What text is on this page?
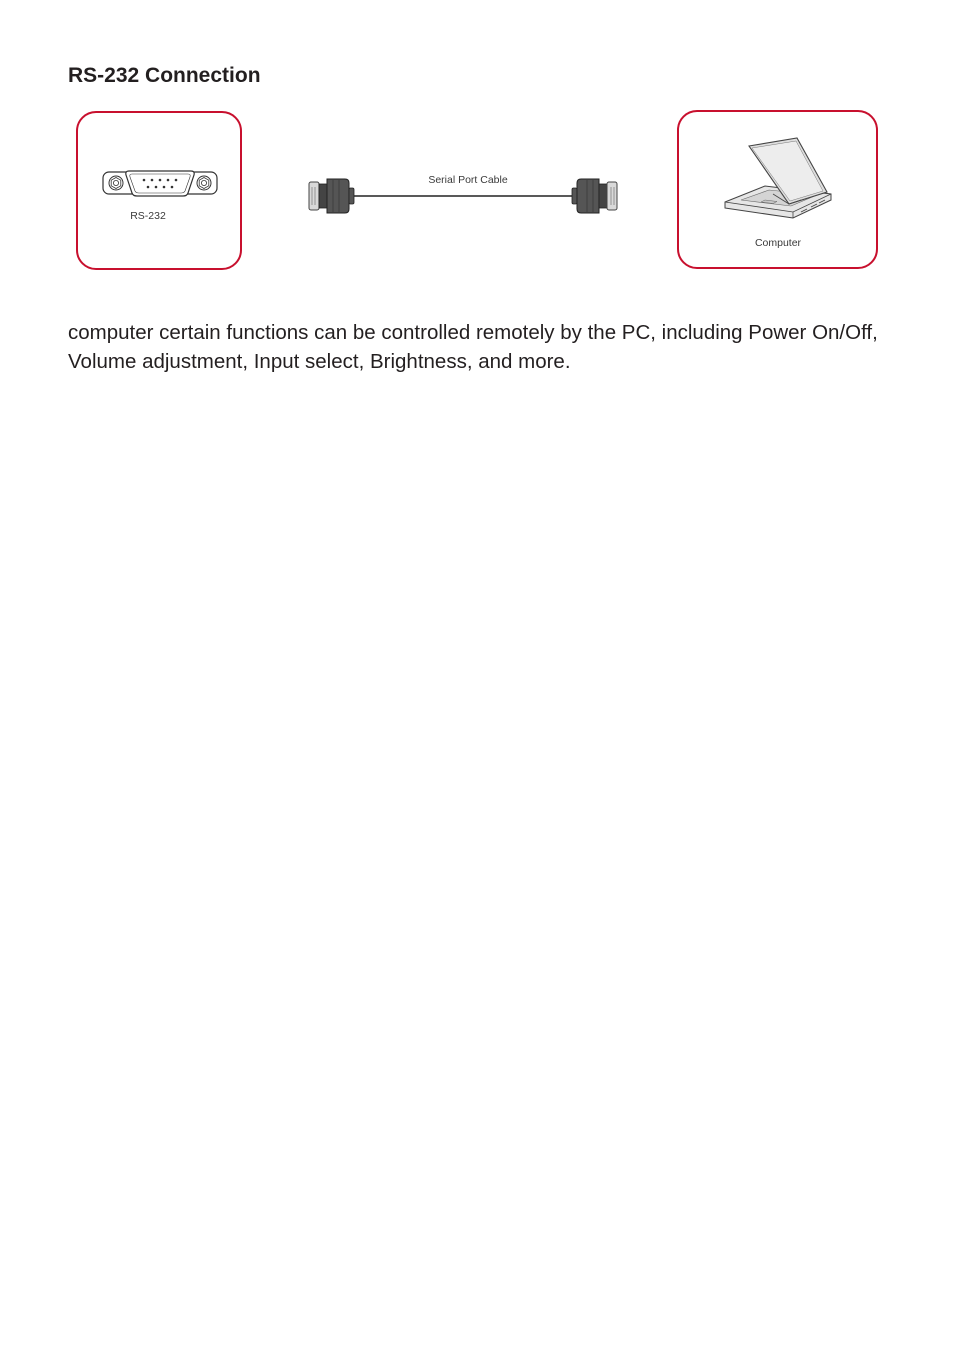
RS-232 Connection
RS-232
Serial Port Cable
Computer

computer certain functions can be controlled remotely by the PC, including Power On/Off, Volume adjustment, Input select, Brightness, and more.
